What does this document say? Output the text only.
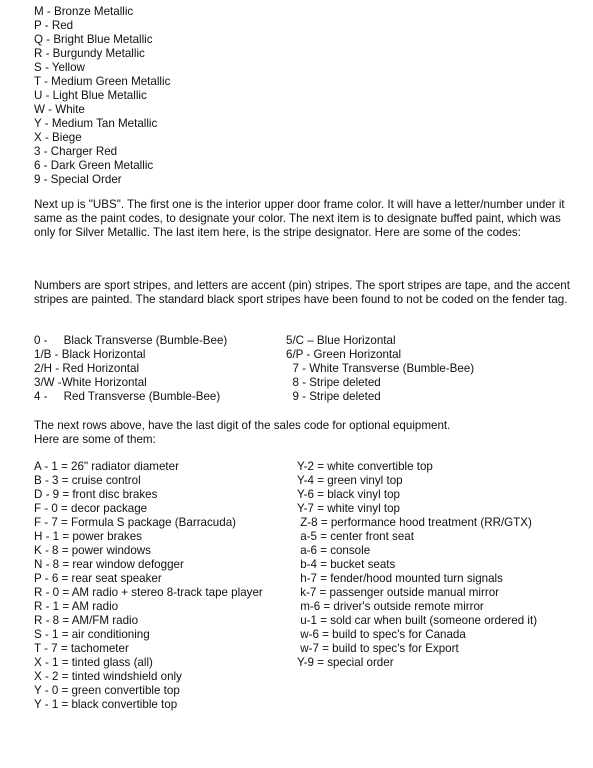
M - Bronze Metallic
P - Red
Q - Bright Blue Metallic
R - Burgundy Metallic
S - Yellow
T - Medium Green Metallic
U - Light Blue Metallic
W - White
Y - Medium Tan Metallic
X - Biege
3 - Charger Red
6 - Dark Green Metallic
9 - Special Order
Next up is "UBS". The first one is the interior upper door frame color. It will have a letter/number under it same as the paint codes, to designate your color. The next item is to designate buffed paint, which was only for Silver Metallic. The last item here, is the stripe designator. Here are some of the codes:
Numbers are sport stripes, and letters are accent (pin) stripes. The sport stripes are tape, and the accent stripes are painted. The standard black sport stripes have been found to not be coded on the fender tag.
0 -     Black Transverse (Bumble-Bee)
1/B - Black Horizontal
2/H - Red Horizontal
3/W -White Horizontal
4 -     Red Transverse (Bumble-Bee)
5/C – Blue Horizontal
6/P - Green Horizontal
7 - White Transverse (Bumble-Bee)
8 - Stripe deleted
9 - Stripe deleted
The next rows above, have the last digit of the sales code for optional equipment.
Here are some of them:
A - 1 = 26" radiator diameter
B - 3 = cruise control
D - 9 = front disc brakes
F - 0 = decor package
F - 7 = Formula S package (Barracuda)
H - 1 = power brakes
K - 8 = power windows
N - 8 = rear window defogger
P - 6 = rear seat speaker
R - 0 = AM radio + stereo 8-track tape player
R - 1 = AM radio
R - 8 = AM/FM radio
S - 1 = air conditioning
T - 7 = tachometer
X - 1 = tinted glass (all)
X - 2 = tinted windshield only
Y - 0 = green convertible top
Y - 1 = black convertible top
Y-2 = white convertible top
Y-4 = green vinyl top
Y-6 = black vinyl top
Y-7 = white vinyl top
Z-8 = performance hood treatment (RR/GTX)
a-5 = center front seat
a-6 = console
b-4 = bucket seats
h-7 = fender/hood mounted turn signals
k-7 = passenger outside manual mirror
m-6 = driver's outside remote mirror
u-1 = sold car when built (someone ordered it)
w-6 = build to spec's for Canada
w-7 = build to spec's for Export
Y-9 = special order
